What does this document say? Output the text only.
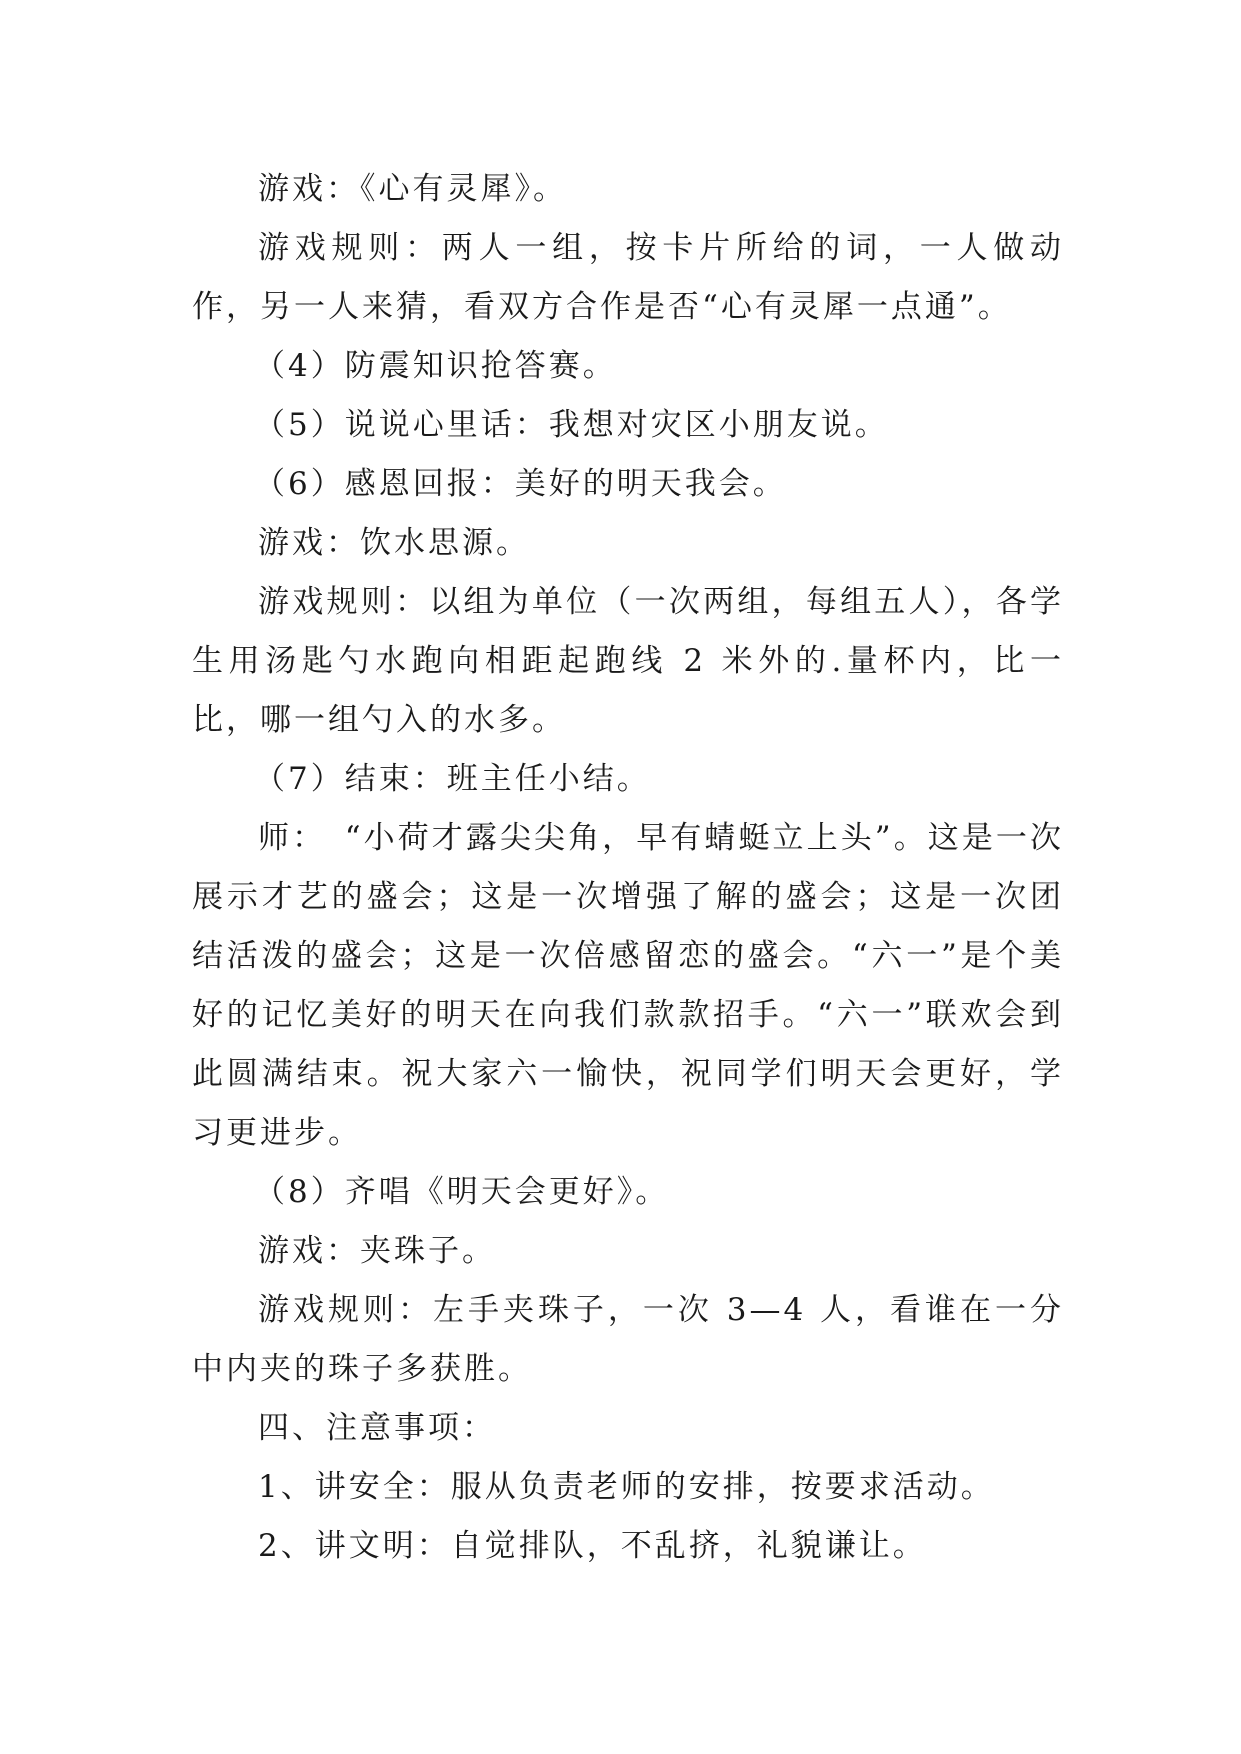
游戏：《心有灵犀》。

游戏规则：两人一组，按卡片所给的词，一人做动作，另一人来猜，看双方合作是否“心有灵犀一点通”。

（4）防震知识抢答赛。

（5）说说心里话：我想对灾区小朋友说。

（6）感恩回报：美好的明天我会。

游戏：饮水思源。

游戏规则：以组为单位（一次两组，每组五人），各学生用汤匙勺水跑向相距起跑线 2 米外的.量杯内，比一比，哪一组勺入的水多。

（7）结束：班主任小结。

师：　“小荷才露尖尖角，早有蜻蜓立上头”。这是一次展示才艺的盛会；这是一次增强了解的盛会；这是一次团结活泼的盛会；这是一次倍感留恋的盛会。“六一”是个美好的记忆美好的明天在向我们款款招手。“六一”联欢会到此圆满结束。祝大家六一愉快，祝同学们明天会更好，学习更进步。

（8）齐唱《明天会更好》。

游戏：夹珠子。

游戏规则：左手夹珠子，一次 3—4 人，看谁在一分中内夹的珠子多获胜。

四、注意事项：

1、讲安全：服从负责老师的安排，按要求活动。

2、讲文明：自觉排队，不乱挤，礼貌谦让。
